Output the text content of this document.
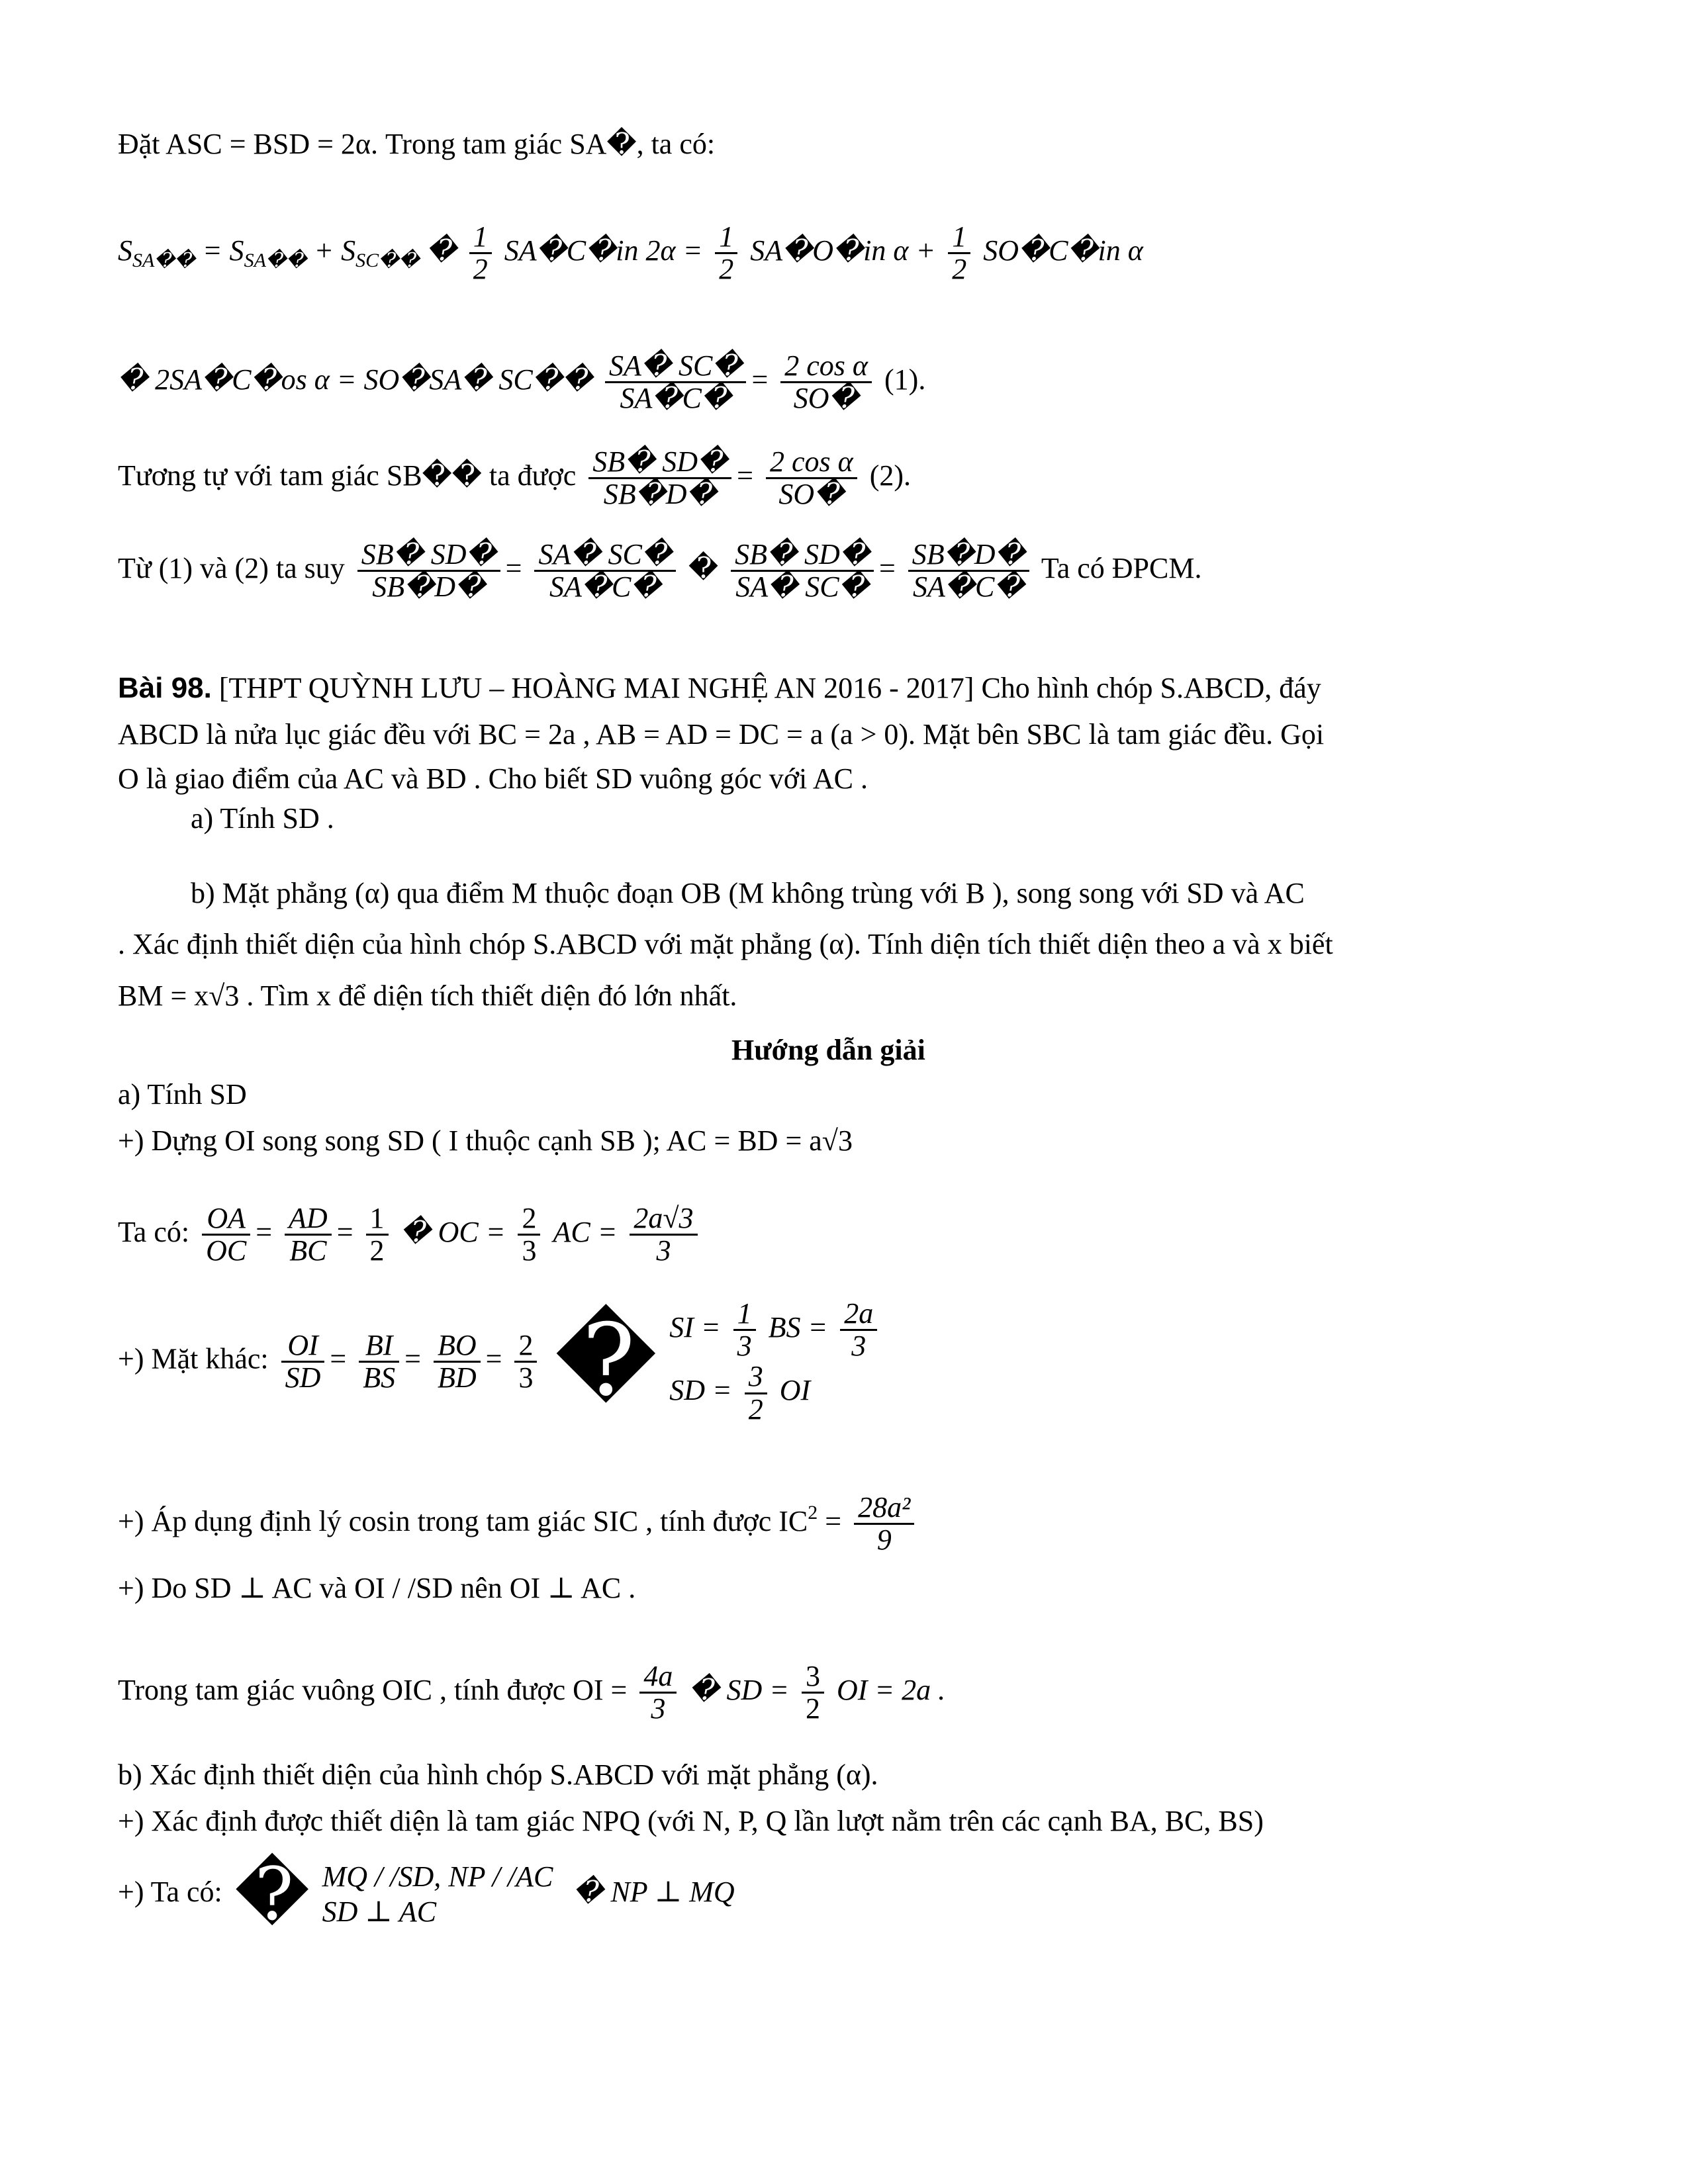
Đặt ASC = BSD = 2α. Trong tam giác SA�, ta có:
$S_{SA��} = S_{SA��} + S_{SC��}$ � $\frac{1}{2}$ SA�C�in $2\alpha = \frac{1}{2}$ SA�O�in $\alpha + \frac{1}{2}$ SO�C�in α
� 2SA�C�os α = SO�SA� SC�� $\frac{SA� SC�}{SA�C�} = \frac{\text{2 cos α}}{SO�} (1)$.
Tương tự với tam giác SB�� ta được $\frac{SB� SD�}{SB�D�} = \frac{\text{2 cos α}}{SO�} (2)$.
Từ (1) và (2) ta suy $\frac{SB� SD�}{SB�D�} = \frac{SA� SC�}{SA�C�}$ � $\frac{SB� SD�}{SA� SC�} = \frac{SB�D�}{SA�C�}$ Ta có ĐPCM.
Bài 98. [THPT QUỲNH LƯU – HOÀNG MAI NGHỆ AN 2016 - 2017] Cho hình chóp S.ABCD, đáy
ABCD là nửa lục giác đều với BC = 2a , AB = AD = DC = a (a > 0). Mặt bên SBC là tam giác đều. Gọi
O là giao điểm của AC và BD . Cho biết SD vuông góc với AC .
a) Tính SD .
b) Mặt phẳng (α) qua điểm M thuộc đoạn OB (M không trùng với B ), song song với SD và AC
. Xác định thiết diện của hình chóp S.ABCD với mặt phẳng (α). Tính diện tích thiết diện theo a và x biết
BM = x√3 . Tìm x để diện tích thiết diện đó lớn nhất.
Hướng dẫn giải
a) Tính SD
+) Dựng OI song song SD ( I thuộc cạnh SB ); AC = BD = a√3
Ta có: $\frac{OA}{OC} = \frac{AD}{BC} = \frac{1}{2}$ � OC = $\frac{2}{3}$ AC = $\frac{2a√3}{3}$
+) Mặt khác: $\frac{OI}{SD} = \frac{BI}{BS} = \frac{BO}{BD} = \frac{2}{3}$ � SI = $\frac{1}{3}$ BS = $\frac{2a}{3}$
SD = $\frac{3}{2}$ OI
+) Áp dụng định lý cosin trong tam giác SIC , tính được $IC^2 = \frac{\text{28a²}}{9}$
+) Do SD ⊥ AC và OI / /SD nên OI ⊥ AC .
Trong tam giác vuông OIC , tính được OI = $\frac{4a}{3}$ � SD = $\frac{3}{2}$ OI = 2a .
b) Xác định thiết diện của hình chóp S.ABCD với mặt phẳng (α).
+) Xác định được thiết diện là tam giác NPQ (với N, P, Q lần lượt nằm trên các cạnh BA, BC, BS)
+) Ta có: � MQ / /SD, NP / /AC
SD ⊥ AC
� NP ⊥ MQ
